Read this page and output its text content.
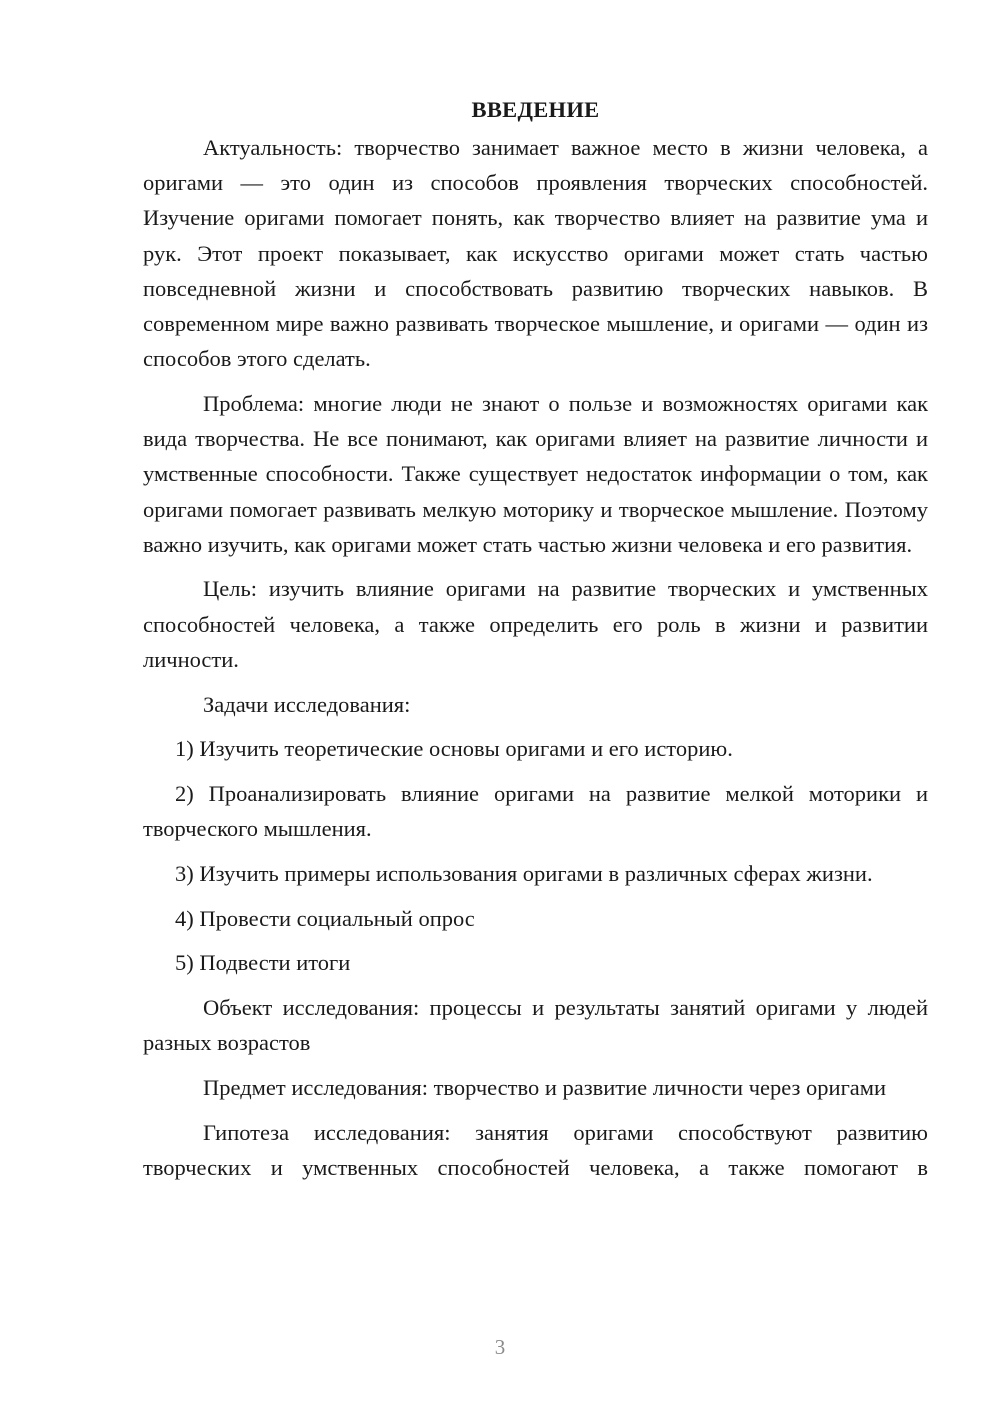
ВВЕДЕНИЕ

Актуальность: творчество занимает важное место в жизни человека, а оригами — это один из способов проявления творческих способностей. Изучение оригами помогает понять, как творчество влияет на развитие ума и рук. Этот проект показывает, как искусство оригами может стать частью повседневной жизни и способствовать развитию творческих навыков. В современном мире важно развивать творческое мышление, и оригами — один из способов этого сделать.

Проблема: многие люди не знают о пользе и возможностях оригами как вида творчества. Не все понимают, как оригами влияет на развитие личности и умственные способности. Также существует недостаток информации о том, как оригами помогает развивать мелкую моторику и творческое мышление. Поэтому важно изучить, как оригами может стать частью жизни человека и его развития.

Цель: изучить влияние оригами на развитие творческих и умственных способностей человека, а также определить его роль в жизни и развитии личности.

Задачи исследования:

1) Изучить теоретические основы оригами и его историю.

2) Проанализировать влияние оригами на развитие мелкой моторики и творческого мышления.

3) Изучить примеры использования оригами в различных сферах жизни.

4) Провести социальный опрос

5) Подвести итоги

Объект исследования: процессы и результаты занятий оригами у людей разных возрастов

Предмет исследования: творчество и развитие личности через оригами

Гипотеза исследования: занятия оригами способствуют развитию творческих и умственных способностей человека, а также помогают в

3
